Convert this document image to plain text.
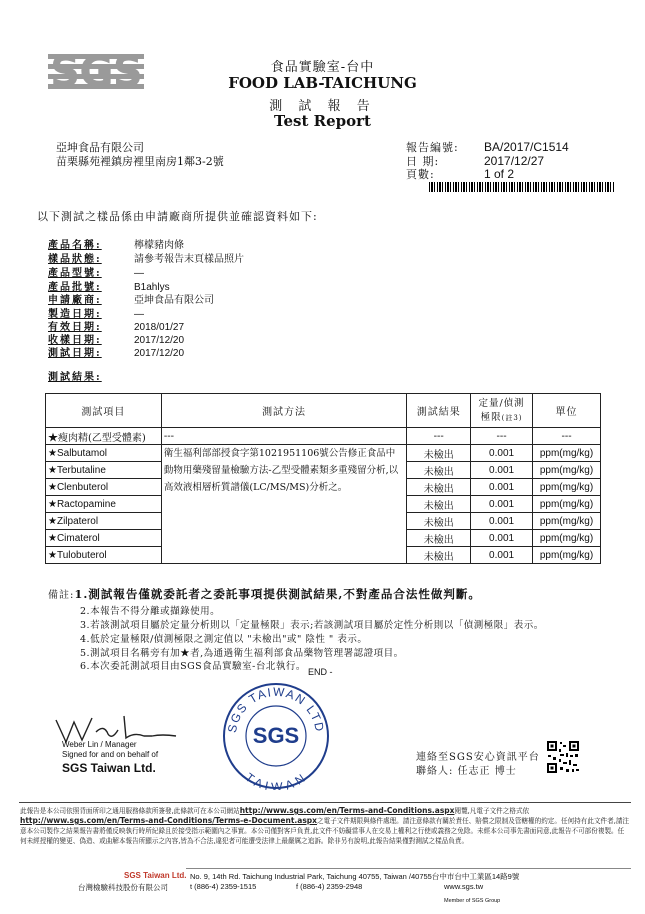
SGS	食品實驗室-台中
FOOD LAB-TAICHUNG
測 試 報 告
Test Report
亞坤食品有限公司
苗栗縣苑裡鎮房裡里南房1鄰3-2號
報告編號: BA/2017/C1514
日 期:	2017/12/27
頁數:	1 of 2
以下測試之樣品係由申請廠商所提供並確認資料如下:
產品名稱:	檸檬豬肉條
樣品狀態:	請參考報告末頁樣品照片
產品型號:	—
產品批號:	B1ahlys
申請廠商:	亞坤食品有限公司
製造日期:	—
有效日期:	2018/01/27
收樣日期:	2017/12/20
測試日期:	2017/12/20
測試結果:
測試項目	測試方法	測試結果	定量/偵測
極限(註3)	單位
★瘦肉精(乙型受體素)	---	---	---	---
★Salbutamol	衛生福利部部授食字第1021951106號公告修正食品中動物用藥殘留量檢驗方法-乙型受體素類多重殘留分析,以高效液相層析質譜儀(LC/MS/MS)分析之。	未檢出	0.001	ppm(mg/kg)
★Terbutaline		未檢出	0.001	ppm(mg/kg)
★Clenbuterol		未檢出	0.001	ppm(mg/kg)
★Ractopamine		未檢出	0.001	ppm(mg/kg)
★Zilpaterol		未檢出	0.001	ppm(mg/kg)
★Cimaterol		未檢出	0.001	ppm(mg/kg)
★Tulobuterol		未檢出	0.001	ppm(mg/kg)
備註:1.測試報告僅就委託者之委託事項提供測試結果,不對產品合法性做判斷。
2.本報告不得分離或擷錄使用。
3.若該測試項目屬於定量分析則以「定量極限」表示;若該測試項目屬於定性分析則以「偵測極限」表示。
4.低於定量極限/偵測極限之測定值以 "未檢出"或" 陰性 " 表示。
5.測試項目名稱旁有加★者,為通過衛生福利部食品藥物管理署認證項目。
6.本次委託測試項目由SGS食品實驗室-台北執行。 END -
SGS TAIWAN LTD
SGS
TAIWAN
Weber Lin / Manager
Signed for and on behalf of
SGS Taiwan Ltd.
連絡至SGS安心資訊平台
聯絡人: 任志正 博士
此報告是本公司依照背面所印之通用服務條款所簽發,此條款可在本公司網站http://www.sgs.com/en/Terms-and-Conditions.aspx閱覽,凡電子文件之格式依http://www.sgs.com/en/Terms-and-Conditions/Terms-e-Document.aspx之電子文件期限與條件處理。請注意條款有關於責任、賠償之限制及管轄權的約定。任何持有此文件者,請注意本公司製作之結果報告書將僅反映執行時所紀錄且於接受指示範圍內之事實。本公司僅對客戶負責,此文件不妨礙當事人在交易上權利之行使或義務之免除。未經本公司事先書面同意,此報告不可部份複製。任何未經授權的變更、偽造、或曲解本報告所顯示之內容,皆為不合法,違犯者可能遭受法律上最嚴厲之追訴。除非另有說明,此報告結果僅對測試之樣品負責。
SGS Taiwan Ltd.
台灣檢驗科技股份有限公司
No. 9, 14th Rd. Taichung Industrial Park, Taichung 40755, Taiwan /40755台中市台中工業區14路9號
t (886-4) 2359-1515	f (886-4) 2359-2948	www.sgs.tw
Member of SGS Group
